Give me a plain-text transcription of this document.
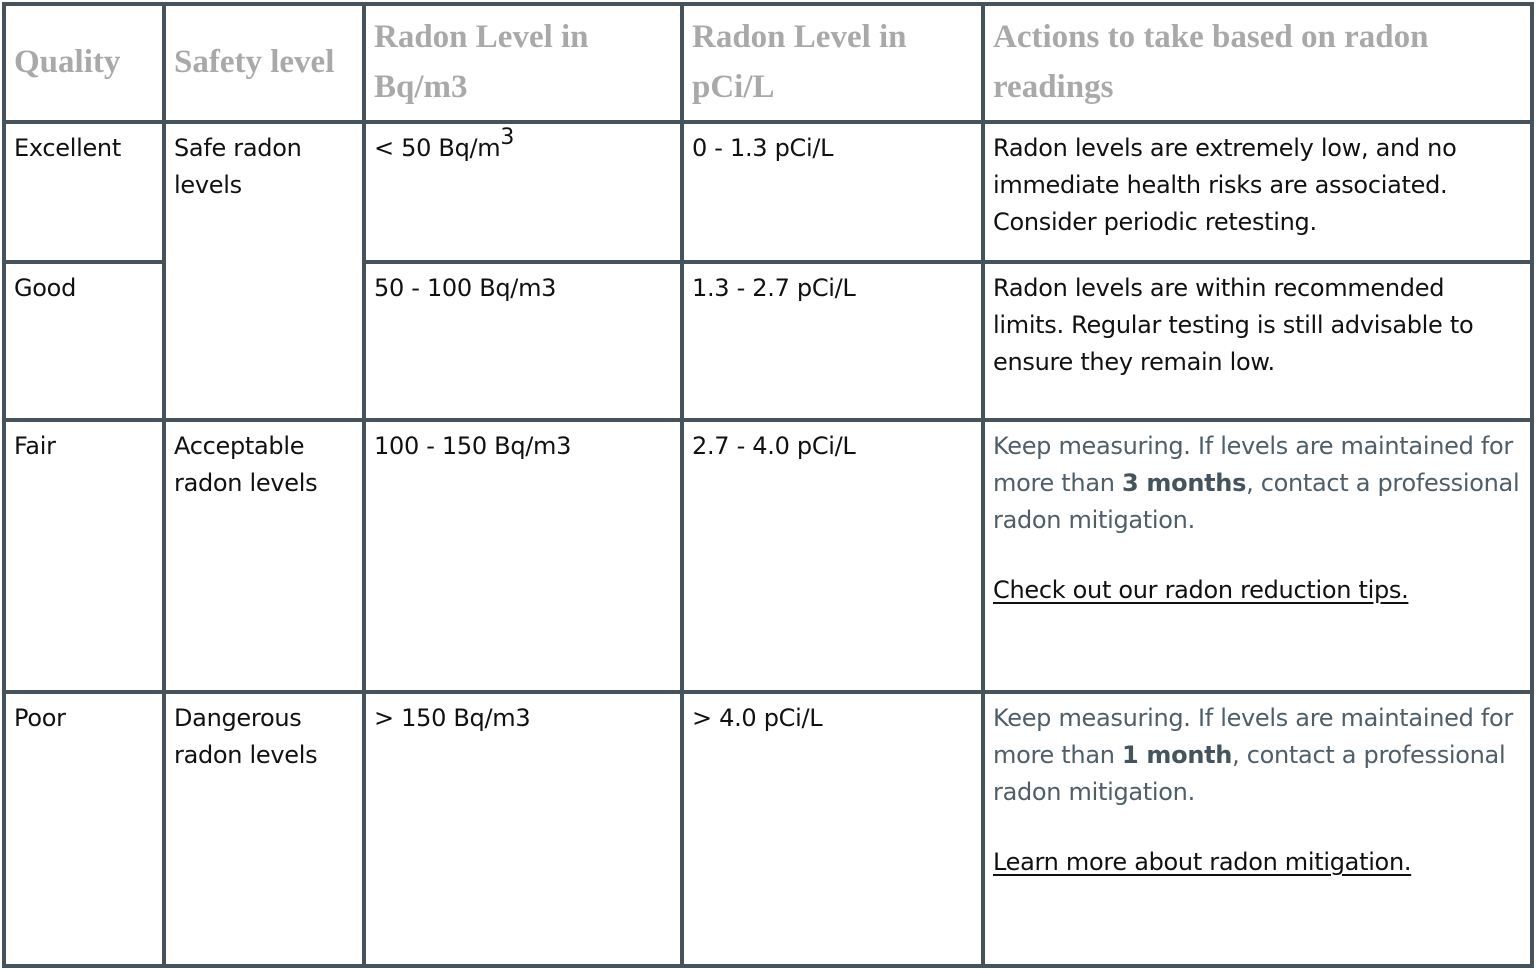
Quality	Safety level	Radon Level in Bq/m3	Radon Level in pCi/L	Actions to take based on radon readings
Excellent	Safe radon levels	< 50 $Bq/m^3$	0 - 1.3 pCi/L	Radon levels are extremely low, and no immediate health risks are associated. Consider periodic retesting.
Good		50 - 100 Bq/m3	1.3 - 2.7 pCi/L	Radon levels are within recommended limits. Regular testing is still advisable to ensure they remain low.
Fair	Acceptable radon levels	100 - 150 Bq/m3	2.7 - 4.0 pCi/L	Keep measuring. If levels are maintained for more than 3 months, contact a professional radon mitigation.
Check out our radon reduction tips.
Poor	Dangerous radon levels	> 150 Bq/m3	> 4.0 pCi/L	Keep measuring. If levels are maintained for more than 1 month, contact a professional radon mitigation.
Learn more about radon mitigation.
